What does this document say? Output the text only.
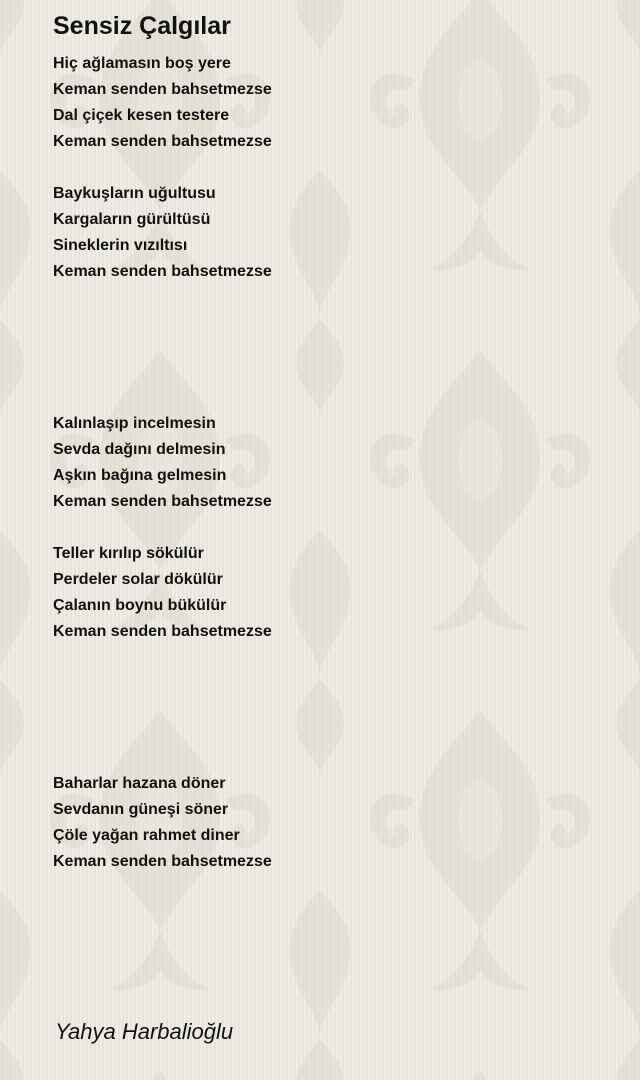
Sensiz Çalgılar
Hiç ağlamasın boş yere
Keman senden bahsetmezse
Dal çiçek kesen testere
Keman senden bahsetmezse
Baykuşların uğultusu
Kargaların gürültüsü
Sineklerin vızıltısı
Keman senden bahsetmezse
Kalınlaşıp incelmesin
Sevda dağını delmesin
Aşkın bağına gelmesin
Keman senden bahsetmezse
Teller kırılıp sökülür
Perdeler solar dökülür
Çalanın boynu bükülür
Keman senden bahsetmezse
Baharlar hazana döner
Sevdanın güneşi söner
Çöle yağan rahmet diner
Keman senden bahsetmezse

Yahya Harbalioğlu
